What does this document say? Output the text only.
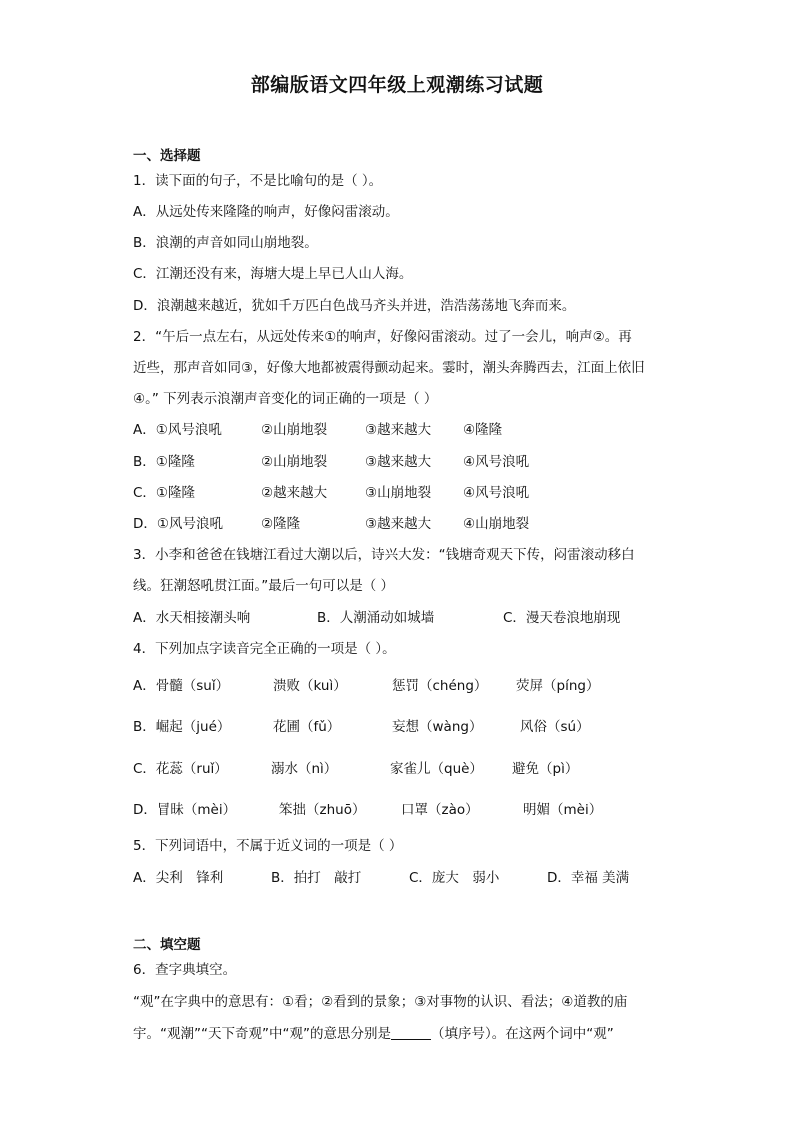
部编版语文四年级上观潮练习试题
一、选择题
1．读下面的句子，不是比喻句的是（ ）。
A．从远处传来隆隆的响声，好像闷雷滚动。
B．浪潮的声音如同山崩地裂。
C．江潮还没有来，海塘大堤上早已人山人海。
D．浪潮越来越近，犹如千万匹白色战马齐头并进，浩浩荡荡地飞奔而来。
2．“午后一点左右，从远处传来①的响声，好像闷雷滚动。过了一会儿，响声②。再
近些，那声音如同③，好像大地都被震得颤动起来。霎时，潮头奔腾西去，江面上依旧
④。” 下列表示浪潮声音变化的词正确的一项是（ ）
A．①风号浪吼	②山崩地裂	③越来越大 ④隆隆
B．①隆隆	②山崩地裂	③越来越大 ④风号浪吼
C．①隆隆	②越来越大	③山崩地裂 ④风号浪吼
D．①风号浪吼	②隆隆	③越来越大 ④山崩地裂
3．小李和爸爸在钱塘江看过大潮以后，诗兴大发：“钱塘奇观天下传，闷雷滚动移白
线。狂潮怒吼贯江面。”最后一句可以是（ ）
A．水天相接潮头响	B．人潮涌动如城墙	C．漫天卷浪地崩现
4．下列加点字读音完全正确的一项是（ ）。
A．骨髓（suǐ）	溃败（kuì）	惩罚（chéng） 荧屏（píng）
B．崛起（jué）	花圃（fǔ）	妄想（wàng）	风俗（sú）
C．花蕊（ruǐ）	溺水（nì）	家雀儿（què） 避免（pì）
D．冒昧（mèi）	笨拙（zhuō）	口罩（zào）	明媚（mèi）
5．下列词语中，不属于近义词的一项是（ ）
A．尖利　锋利	B．拍打　敲打	C．庞大　弱小	D．幸福 美满
二、填空题
6．查字典填空。
“观”在字典中的意思有：①看；②看到的景象；③对事物的认识、看法；④道教的庙
宇。“观潮”“天下奇观”中“观”的意思分别是	（填序号）。在这两个词中“观”
